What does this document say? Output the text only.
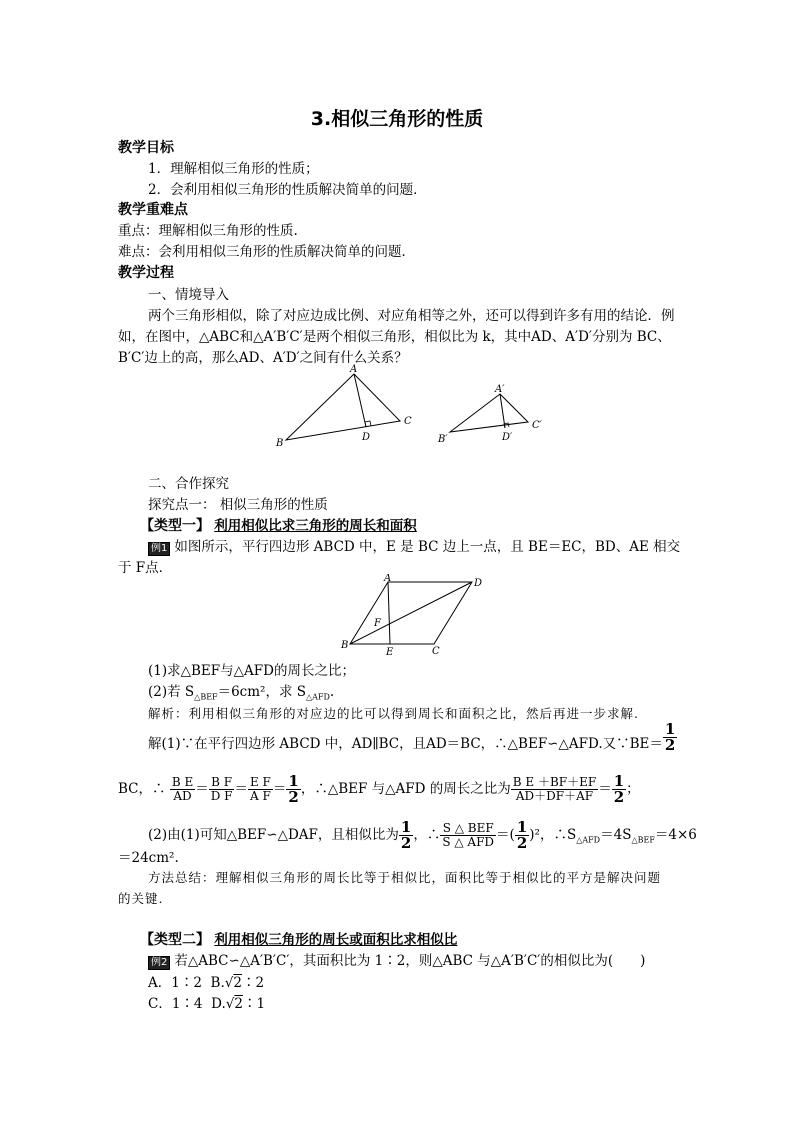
3.相似三角形的性质
教学目标
1．理解相似三角形的性质；
2．会利用相似三角形的性质解决简单的问题．
教学重难点
重点：理解相似三角形的性质.
难点：会利用相似三角形的性质解决简单的问题．
教学过程
一、情境导入
两个三角形相似，除了对应边成比例、对应角相等之外，还可以得到许多有用的结论．例
如，在图中，△ABC和△A′B′C′是两个相似三角形，相似比为 k，其中AD、A′D′分别为 BC、
B′C′边上的高，那么AD、A′D′之间有什么关系？
A
B
C
D
A′
B′
C′
D′
二、合作探究
探究点一： 相似三角形的性质
【类型一】 利用相似比求三角形的周长和面积
例1 如图所示，平行四边形 ABCD 中，E 是 BC 边上一点，且 BE＝EC，BD、AE 相交
于 F点．
A	D
B
C
E
F
(1)求△BEF与△AFD的周长之比；
(2)若 $S_{\triangle BEF}=6cm^2$，求 $S_{\triangle AFD}$.
解析：利用相似三角形的对应边的比可以得到周长和面积之比，然后再进一步求解.
解(1)∵在平行四边形 ABCD 中，AD∥BC，且AD＝BC，∴△BEF∽△AFD.又∵BE＝ $\frac{1}{2}$
BC，∴ $\frac{\text{B E}}{AD} = \frac{\text{B F}}{\text{D F}} = \frac{\text{E F}}{\text{A F}} = \frac{1}{2}$ ，∴△BEF 与△AFD 的周长之比为 $\frac{\text{B E ＋BF＋EF}}{AD+DF+AF} = \frac{1}{2}$ ；
(2)由(1)可知△BEF∽△DAF，且相似比为 $\frac{1}{2}$ ，∴ $\frac{\text{S △ BEF}}{\text{S △ AFD}}$ ＝( $\frac{1}{2} )^2$，$\therefore S_{\triangle AFD}=4S_{\triangle BEF}=4\times 6$
＝24cm².
方法总结：理解相似三角形的周长比等于相似比，面积比等于相似比的平方是解决问题
的关键.
【类型二】 利用相似三角形的周长或面积比求相似比
例2 若△ABC∽△A′B′C′，其面积比为 1∶2，则△ABC 与△A′B′C′的相似比为(　　)
A．1∶2 B.√2∶2
C．1∶4 D.√2∶1
